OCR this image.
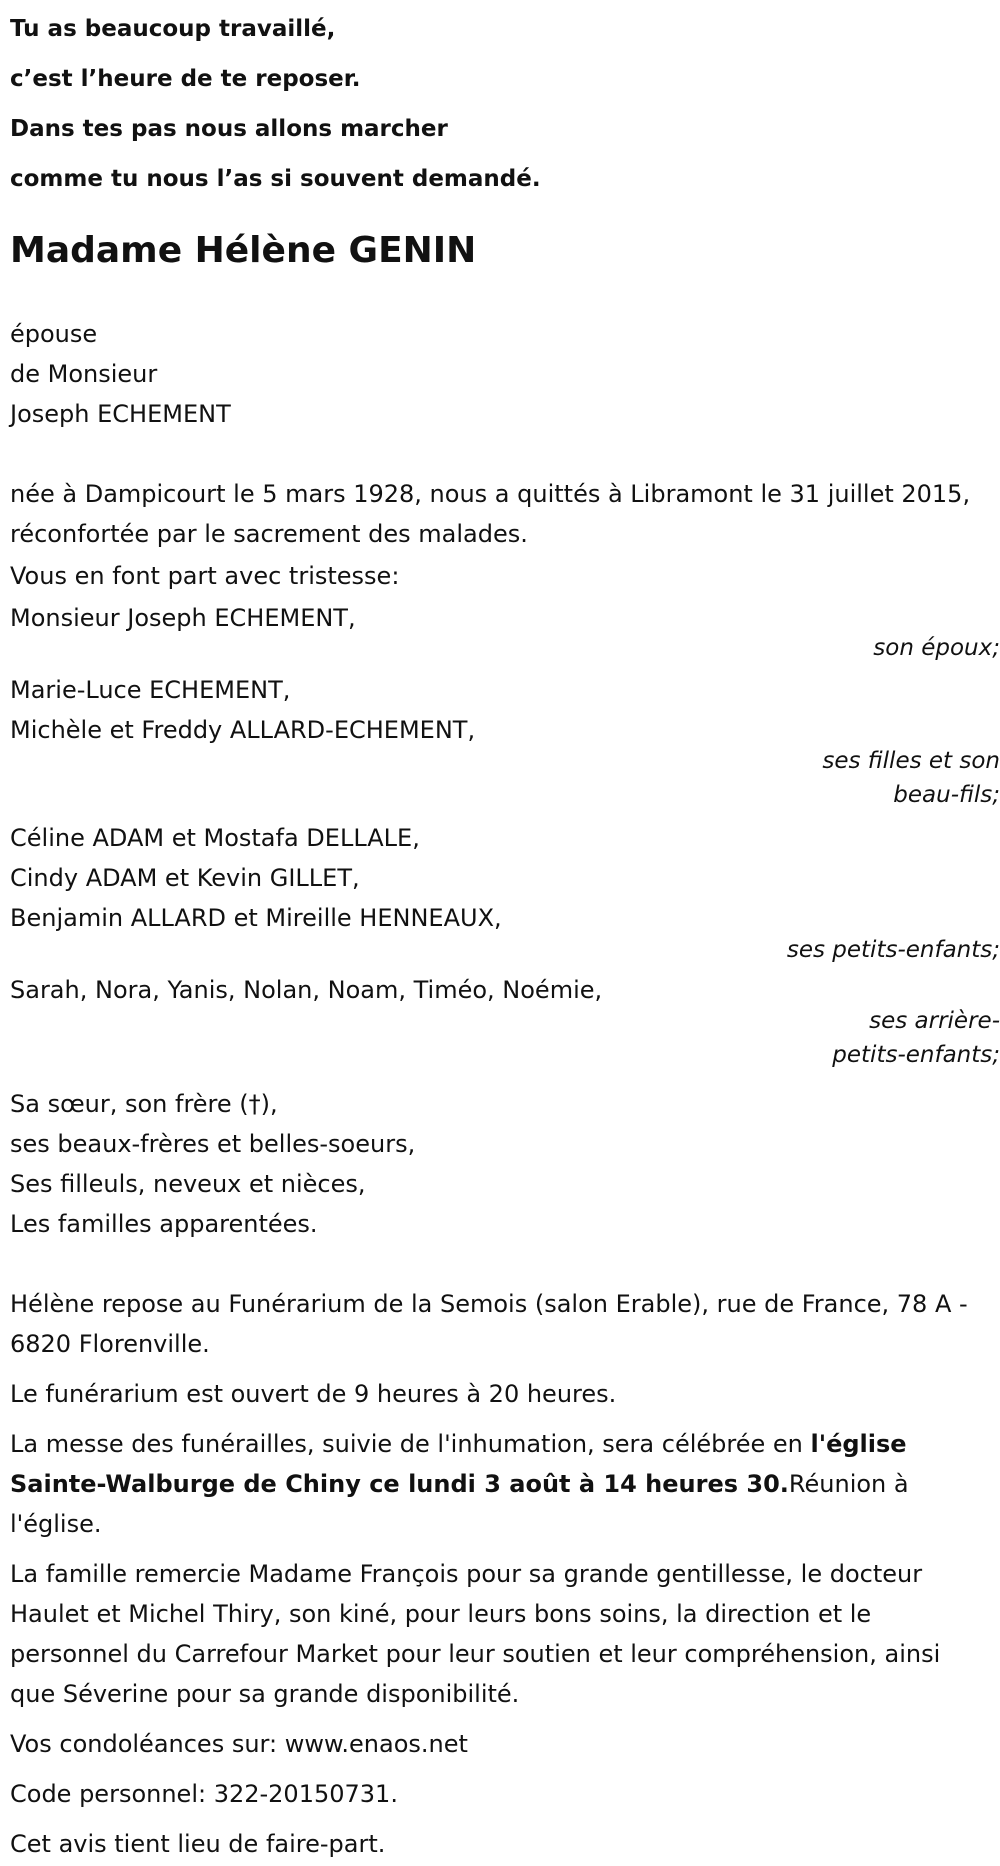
Tu as beaucoup travaillé,
c’est l’heure de te reposer.
Dans tes pas nous allons marcher
comme tu nous l’as si souvent demandé.
Madame Hélène GENIN
épouse
de Monsieur
Joseph ECHEMENT

née à Dampicourt le 5 mars 1928, nous a quittés à Libramont le 31 juillet 2015, réconfortée par le sacrement des malades.

Vous en font part avec tristesse:

Monsieur Joseph ECHEMENT,
son époux;
Marie-Luce ECHEMENT,
Michèle et Freddy ALLARD-ECHEMENT,
ses filles et son beau-fils;
Céline ADAM et Mostafa DELLALE,
Cindy ADAM et Kevin GILLET,
Benjamin ALLARD et Mireille HENNEAUX,
ses petits-enfants;
Sarah, Nora, Yanis, Nolan, Noam, Timéo, Noémie,
ses arrière-petits-enfants;
Sa sœur, son frère (†),
ses beaux-frères et belles-soeurs,
Ses filleuls, neveux et nièces,
Les familles apparentées.

Hélène repose au Funérarium de la Semois (salon Erable), rue de France, 78 A - 6820 Florenville.

Le funérarium est ouvert de 9 heures à 20 heures.

La messe des funérailles, suivie de l'inhumation, sera célébrée en l'église Sainte-Walburge de Chiny ce lundi 3 août à 14 heures 30.Réunion à l'église.

La famille remercie Madame François pour sa grande gentillesse, le docteur Haulet et Michel Thiry, son kiné, pour leurs bons soins, la direction et le personnel du Carrefour Market pour leur soutien et leur compréhension, ainsi que Séverine pour sa grande disponibilité.

Vos condoléances sur: www.enaos.net

Code personnel: 322-20150731.

Cet avis tient lieu de faire-part.
